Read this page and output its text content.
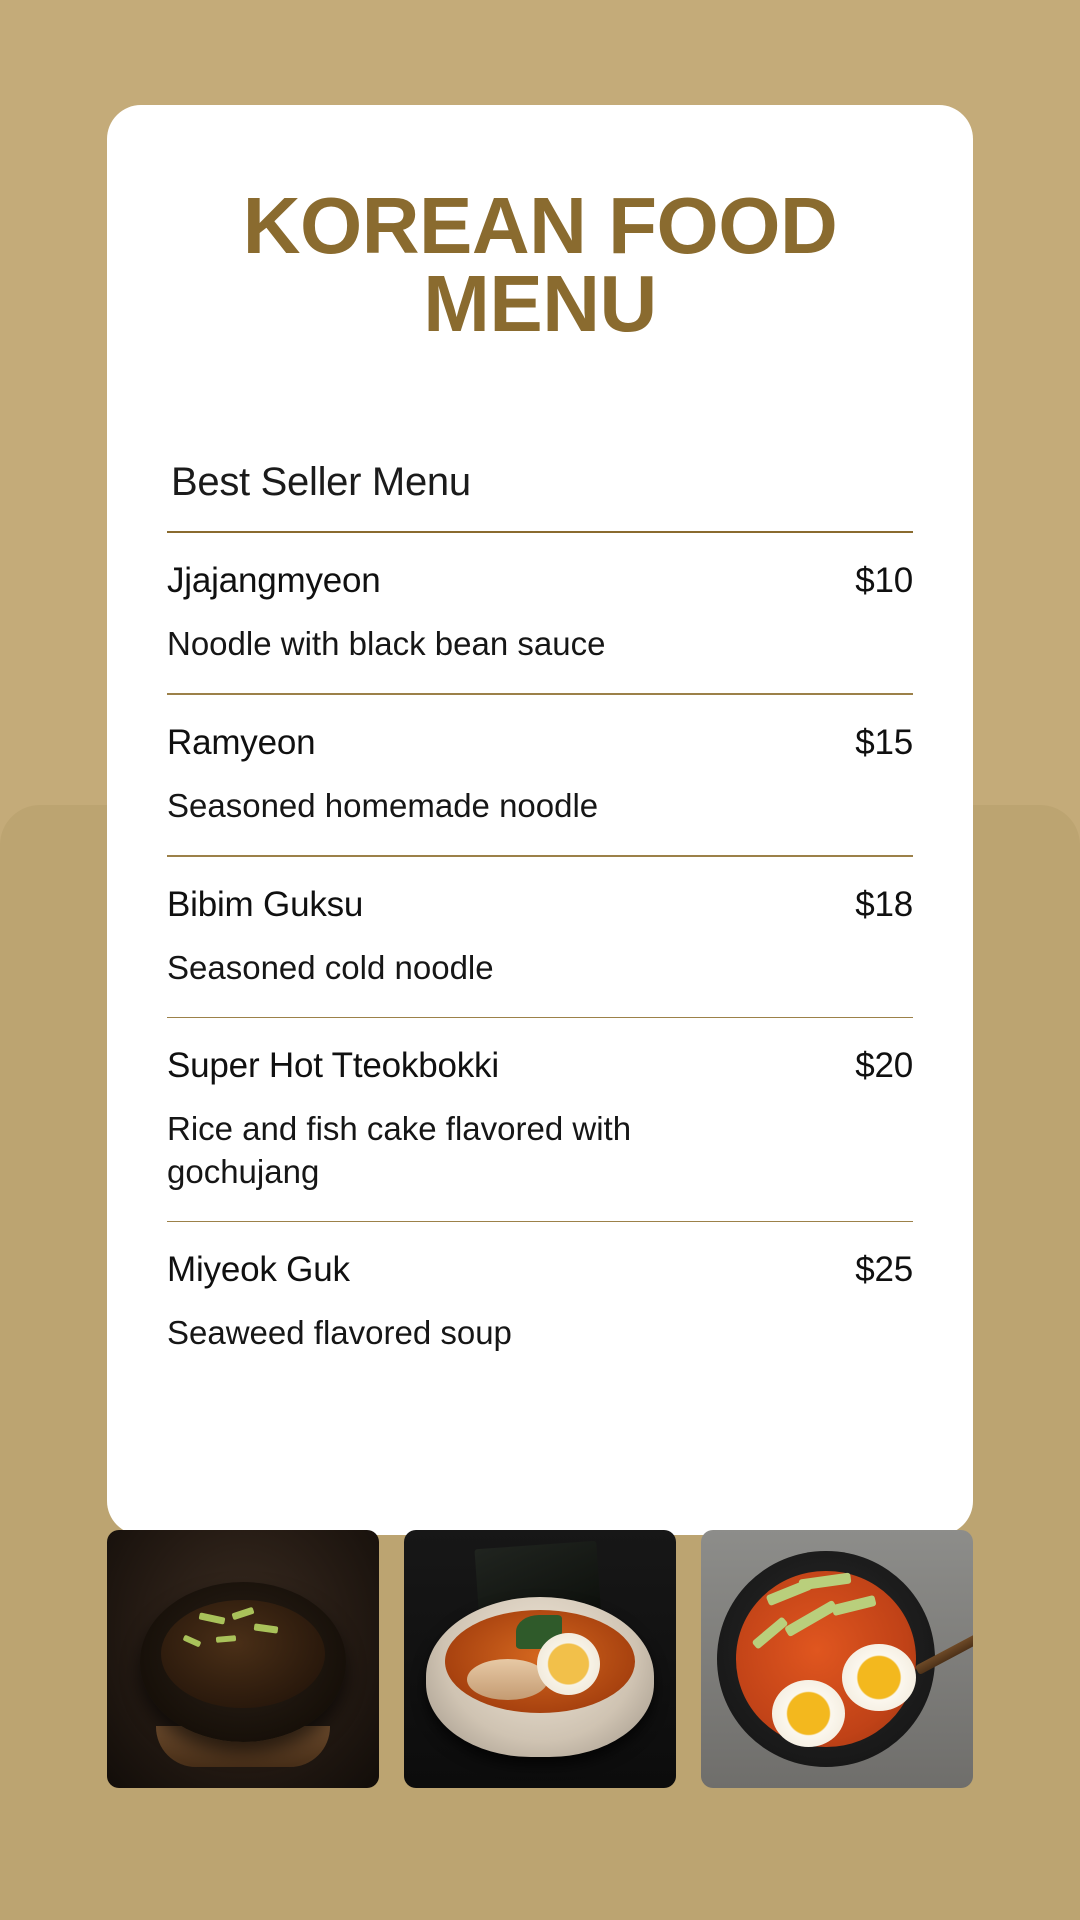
KOREAN FOOD MENU
Best Seller Menu
Jjajangmyeon	$10
Noodle with black bean sauce
Ramyeon	$15
Seasoned homemade noodle
Bibim Guksu	$18
Seasoned cold noodle
Super Hot Tteokbokki	$20
Rice and fish cake flavored with gochujang
Miyeok Guk	$25
Seaweed flavored soup
